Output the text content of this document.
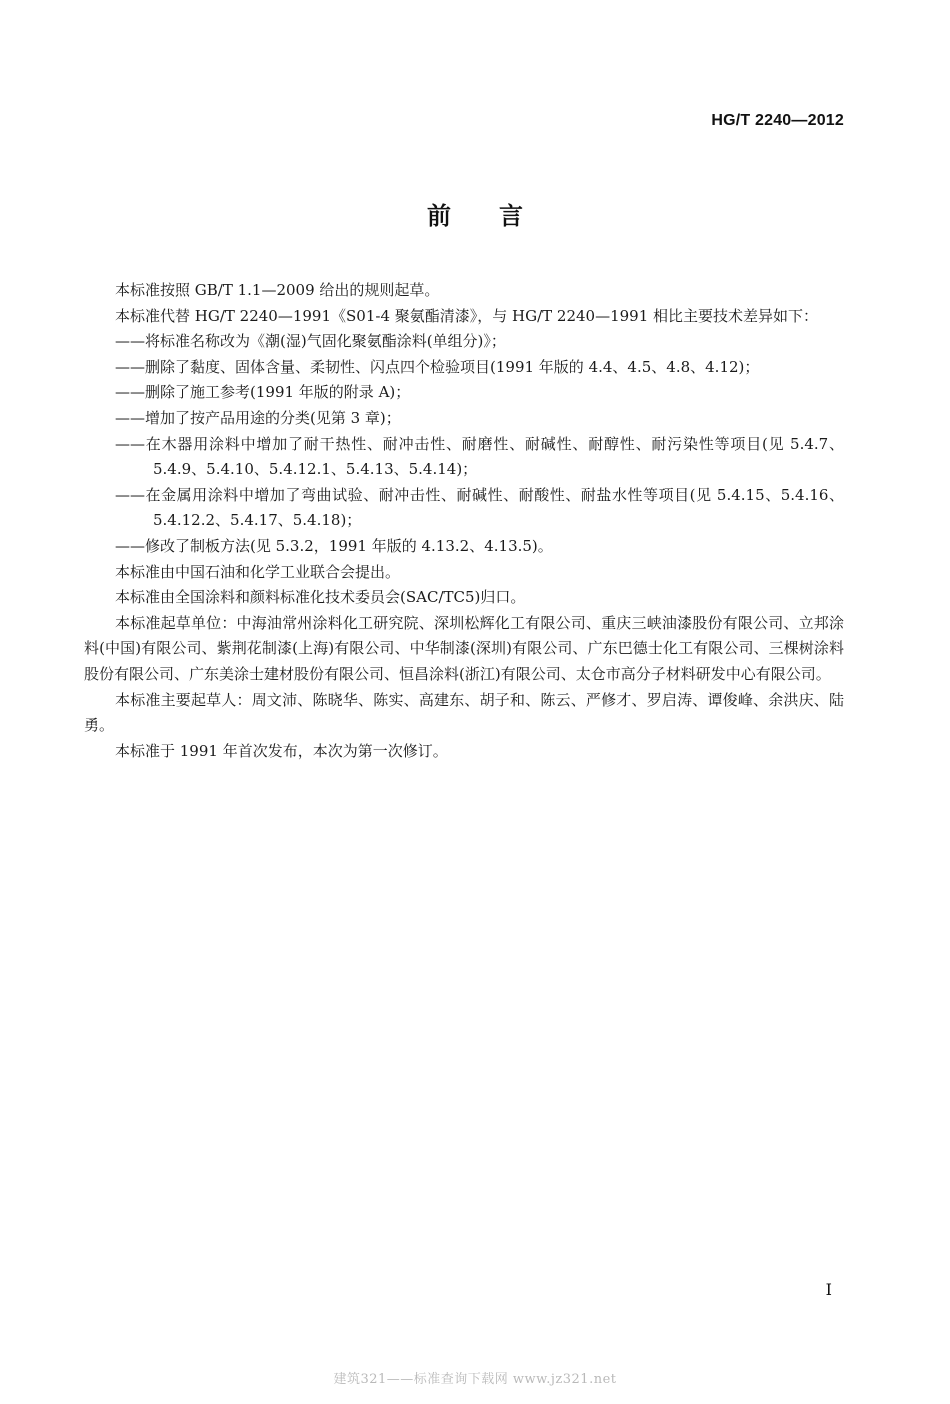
HG/T 2240—2012
前言

本标准按照 GB/T 1.1—2009 给出的规则起草。

本标准代替 HG/T 2240—1991《S01-4 聚氨酯清漆》，与 HG/T 2240—1991 相比主要技术差异如下：

——将标准名称改为《潮(湿)气固化聚氨酯涂料(单组分)》；

——删除了黏度、固体含量、柔韧性、闪点四个检验项目(1991 年版的 4.4、4.5、4.8、4.12)；

——删除了施工参考(1991 年版的附录 A)；

——增加了按产品用途的分类(见第 3 章)；

——在木器用涂料中增加了耐干热性、耐冲击性、耐磨性、耐碱性、耐醇性、耐污染性等项目(见 5.4.7、5.4.9、5.4.10、5.4.12.1、5.4.13、5.4.14)；

——在金属用涂料中增加了弯曲试验、耐冲击性、耐碱性、耐酸性、耐盐水性等项目(见 5.4.15、5.4.16、5.4.12.2、5.4.17、5.4.18)；

——修改了制板方法(见 5.3.2，1991 年版的 4.13.2、4.13.5)。

本标准由中国石油和化学工业联合会提出。

本标准由全国涂料和颜料标准化技术委员会(SAC/TC5)归口。

本标准起草单位：中海油常州涂料化工研究院、深圳松辉化工有限公司、重庆三峡油漆股份有限公司、立邦涂料(中国)有限公司、紫荆花制漆(上海)有限公司、中华制漆(深圳)有限公司、广东巴德士化工有限公司、三棵树涂料股份有限公司、广东美涂士建材股份有限公司、恒昌涂料(浙江)有限公司、太仓市高分子材料研发中心有限公司。

本标准主要起草人：周文沛、陈晓华、陈实、高建东、胡子和、陈云、严修才、罗启涛、谭俊峰、余洪庆、陆勇。

本标准于 1991 年首次发布，本次为第一次修订。

I
建筑321——标准查询下载网 www.jz321.net
